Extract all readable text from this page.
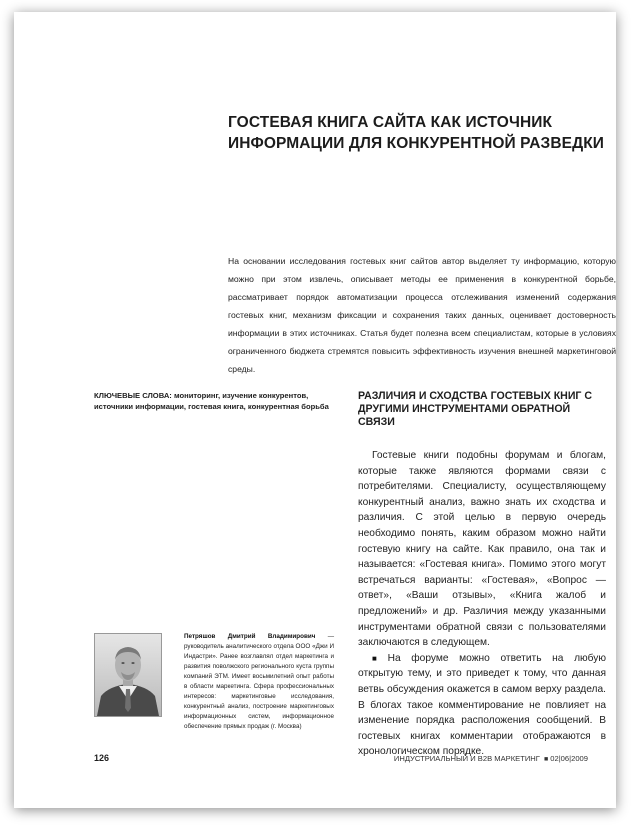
ГОСТЕВАЯ КНИГА САЙТА КАК ИСТОЧНИК
ИНФОРМАЦИИ ДЛЯ КОНКУРЕНТНОЙ РАЗВЕДКИ

На основании исследования гостевых книг сайтов автор выделяет ту информацию, которую можно при этом извлечь, описывает методы ее применения в конкурентной борьбе, рассматривает порядок автоматизации процесса отслеживания изменений содержания гостевых книг, механизм фиксации и сохранения таких данных, оценивает достоверность информации в этих источниках. Статья будет полезна всем специалистам, которые в условиях ограниченного бюджета стремятся повысить эффективность изучения внешней маркетинговой среды.

КЛЮЧЕВЫЕ СЛОВА: мониторинг, изучение конкурентов, источники информации, гостевая книга, конкурентная борьба

РАЗЛИЧИЯ И СХОДСТВА ГОСТЕВЫХ КНИГ С ДРУГИМИ ИНСТРУМЕНТАМИ ОБРАТНОЙ СВЯЗИ

Гостевые книги подобны форумам и блогам, которые также являются формами связи с потребителями. Специалисту, осуществляющему конкурентный анализ, важно знать их сходства и различия. С этой целью в первую очередь необходимо понять, каким образом можно найти гостевую книгу на сайте. Как правило, она так и называется: «Гостевая книга». Помимо этого могут встречаться варианты: «Гостевая», «Вопрос — ответ», «Ваши отзывы», «Книга жалоб и предложений» и др. Различия между указанными инструментами обратной связи с пользователями заключаются в следующем.

■ На форуме можно ответить на любую открытую тему, и это приведет к тому, что данная ветвь обсуждения окажется в самом верху раздела. В блогах такое комментирование не повлияет на изменение порядка расположения сообщений. В гостевых книгах комментарии отображаются в хронологическом порядке.

Петряшов Дмитрий Владимирович — руководитель аналитического отдела ООО «Джи И Индастри». Ранее возглавлял отдел маркетинга и развития поволжского регионального куста группы компаний ЭТМ. Имеет восьмилетний опыт работы в области маркетинга. Сфера профессиональных интересов: маркетинговые исследования, конкурентный анализ, построение маркетинговых информационных систем, информационное обеспечение прямых продаж (г. Москва)

126	ИНДУСТРИАЛЬНЫЙ И B2B МАРКЕТИНГ ■ 02|06|2009
